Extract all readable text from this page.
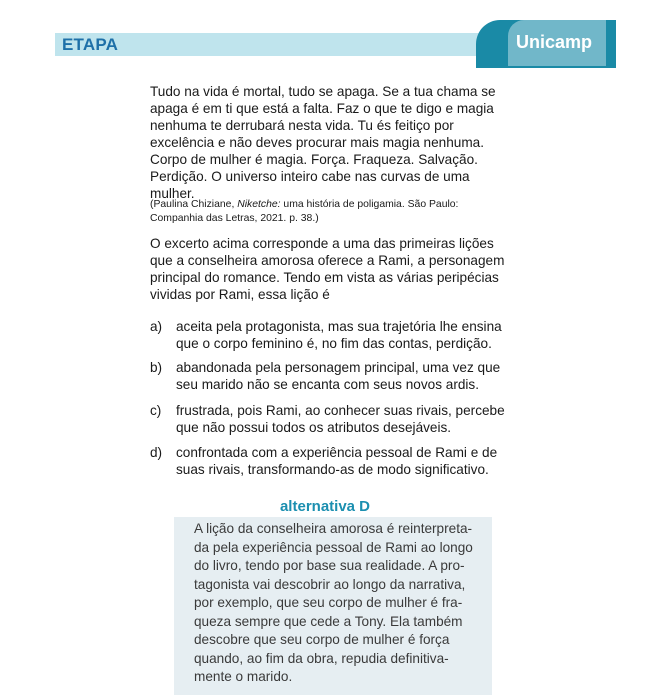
ETAPA	Unicamp
Tudo na vida é mortal, tudo se apaga. Se a tua chama se
apaga é em ti que está a falta. Faz o que te digo e magia
nenhuma te derrubará nesta vida. Tu és feitiço por
excelência e não deves procurar mais magia nenhuma.
Corpo de mulher é magia. Força. Fraqueza. Salvação.
Perdição. O universo inteiro cabe nas curvas de uma
mulher.
(Paulina Chiziane, Niketche: uma história de poligamia. São Paulo: Companhia das Letras, 2021. p. 38.)
O excerto acima corresponde a uma das primeiras lições
que a conselheira amorosa oferece a Rami, a personagem
principal do romance. Tendo em vista as várias peripécias
vividas por Rami, essa lição é
a) aceita pela protagonista, mas sua trajetória lhe ensina
que o corpo feminino é, no fim das contas, perdição.
b) abandonada pela personagem principal, uma vez que
seu marido não se encanta com seus novos ardis.
c) frustrada, pois Rami, ao conhecer suas rivais, percebe
que não possui todos os atributos desejáveis.
d) confrontada com a experiência pessoal de Rami e de
suas rivais, transformando-as de modo significativo.
alternativa D
A lição da conselheira amorosa é reinterpreta-
da pela experiência pessoal de Rami ao longo
do livro, tendo por base sua realidade. A pro-
tagonista vai descobrir ao longo da narrativa,
por exemplo, que seu corpo de mulher é fra-
queza sempre que cede a Tony. Ela também
descobre que seu corpo de mulher é força
quando, ao fim da obra, repudia definitiva-
mente o marido.
